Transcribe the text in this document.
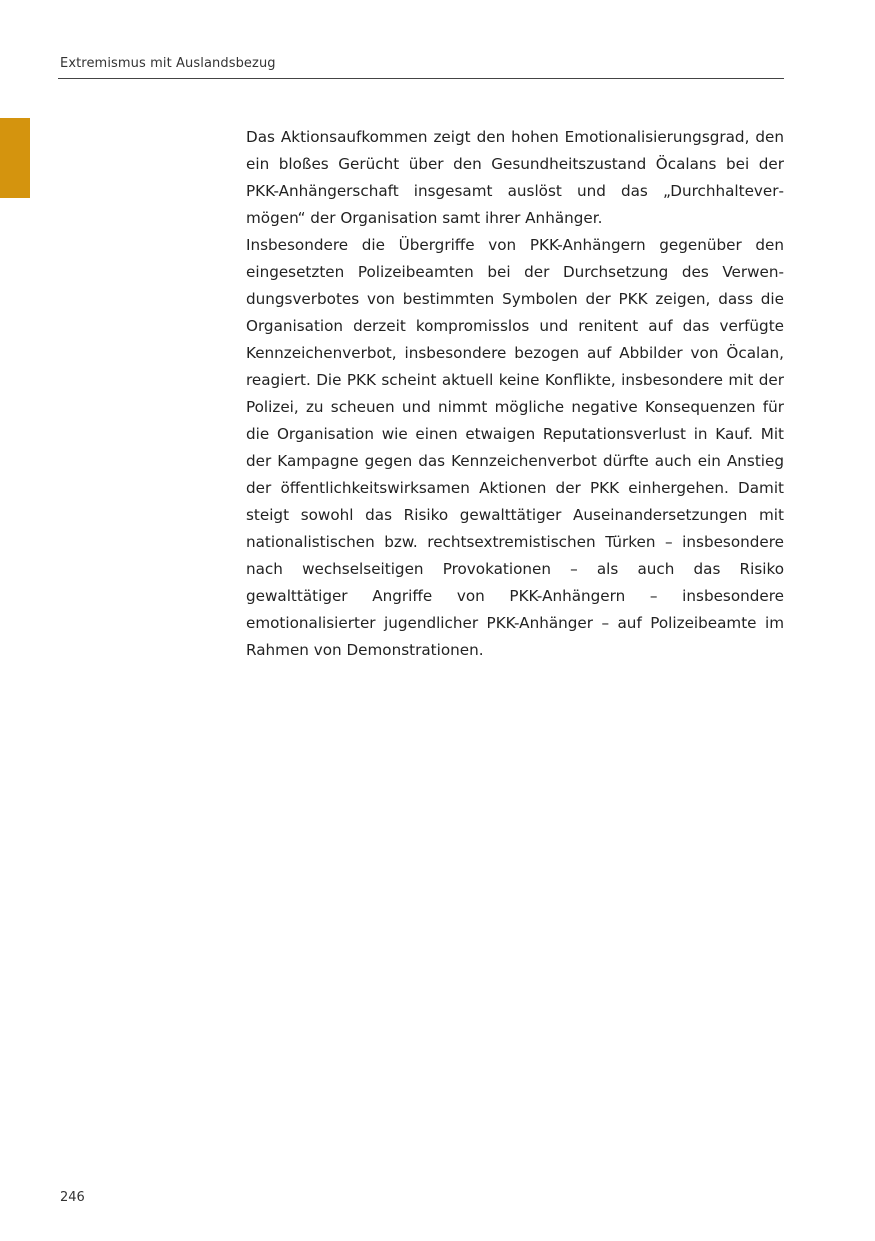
Extremismus mit Auslandsbezug

Das Aktionsaufkommen zeigt den hohen Emotionalisierungsgrad, den ein bloßes Gerücht über den Gesundheitszustand Öcalans bei der PKK-Anhängerschaft insgesamt auslöst und das „Durchhaltevermögen“ der Organisation samt ihrer Anhänger.

Insbesondere die Übergriffe von PKK-Anhängern gegenüber den eingesetzten Polizeibeamten bei der Durchsetzung des Verwendungsverbotes von bestimmten Symbolen der PKK zeigen, dass die Organisation derzeit kompromisslos und renitent auf das verfügte Kennzeichenverbot, insbesondere bezogen auf Abbilder von Öcalan, reagiert. Die PKK scheint aktuell keine Konflikte, insbesondere mit der Polizei, zu scheuen und nimmt mögliche negative Konsequenzen für die Organisation wie einen etwaigen Reputationsverlust in Kauf. Mit der Kampagne gegen das Kennzeichenverbot dürfte auch ein Anstieg der öffentlichkeitswirksamen Aktionen der PKK einhergehen. Damit steigt sowohl das Risiko gewalttätiger Auseinandersetzungen mit nationalistischen bzw. rechtsextremistischen Türken – insbesondere nach wechselseitigen Provokationen – als auch das Risiko gewalttätiger Angriffe von PKK-Anhängern – insbesondere emotionalisierter jugendlicher PKK-Anhänger – auf Polizeibeamte im Rahmen von Demonstrationen.

246
